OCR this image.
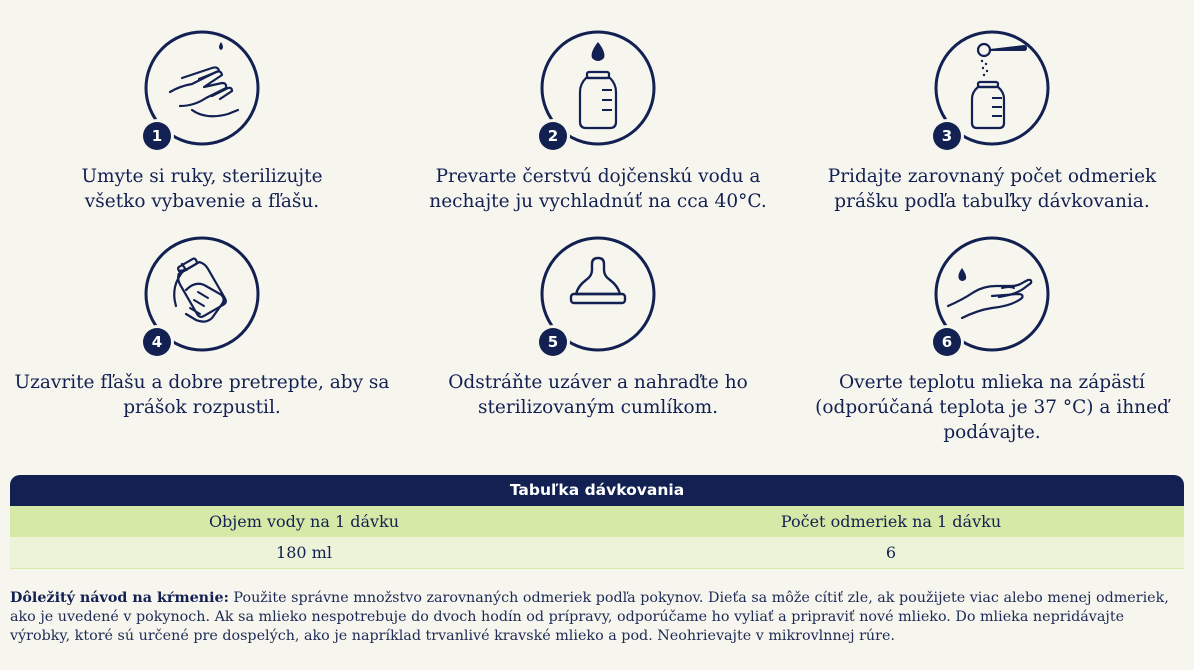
1
Umyte si ruky, sterilizujte všetko vybavenie a fľašu.
2
Prevarte čerstvú dojčenskú vodu a nechajte ju vychladnúť na cca 40°C.
3
Pridajte zarovnaný počet odmeriek prášku podľa tabuľky dávkovania.
4
Uzavrite fľašu a dobre pretrepte, aby sa prášok rozpustil.
5
Odstráňte uzáver a nahraďte ho sterilizovaným cumlíkom.
6
Overte teplotu mlieka na zápästí (odporúčaná teplota je 37 °C) a ihneď podávajte.
Tabuľka dávkovania
Objem vody na 1 dávku	Počet odmeriek na 1 dávku
180 ml	6
Dôležitý návod na kŕmenie: Použite správne množstvo zarovnaných odmeriek podľa pokynov. Dieťa sa môže cítiť zle, ak použijete viac alebo menej odmeriek, ako je uvedené v pokynoch. Ak sa mlieko nespotrebuje do dvoch hodín od prípravy, odporúčame ho vyliať a pripraviť nové mlieko. Do mlieka nepridávajte výrobky, ktoré sú určené pre dospelých, ako je napríklad trvanlivé kravské mlieko a pod. Neohrievajte v mikrovlnnej rúre.
